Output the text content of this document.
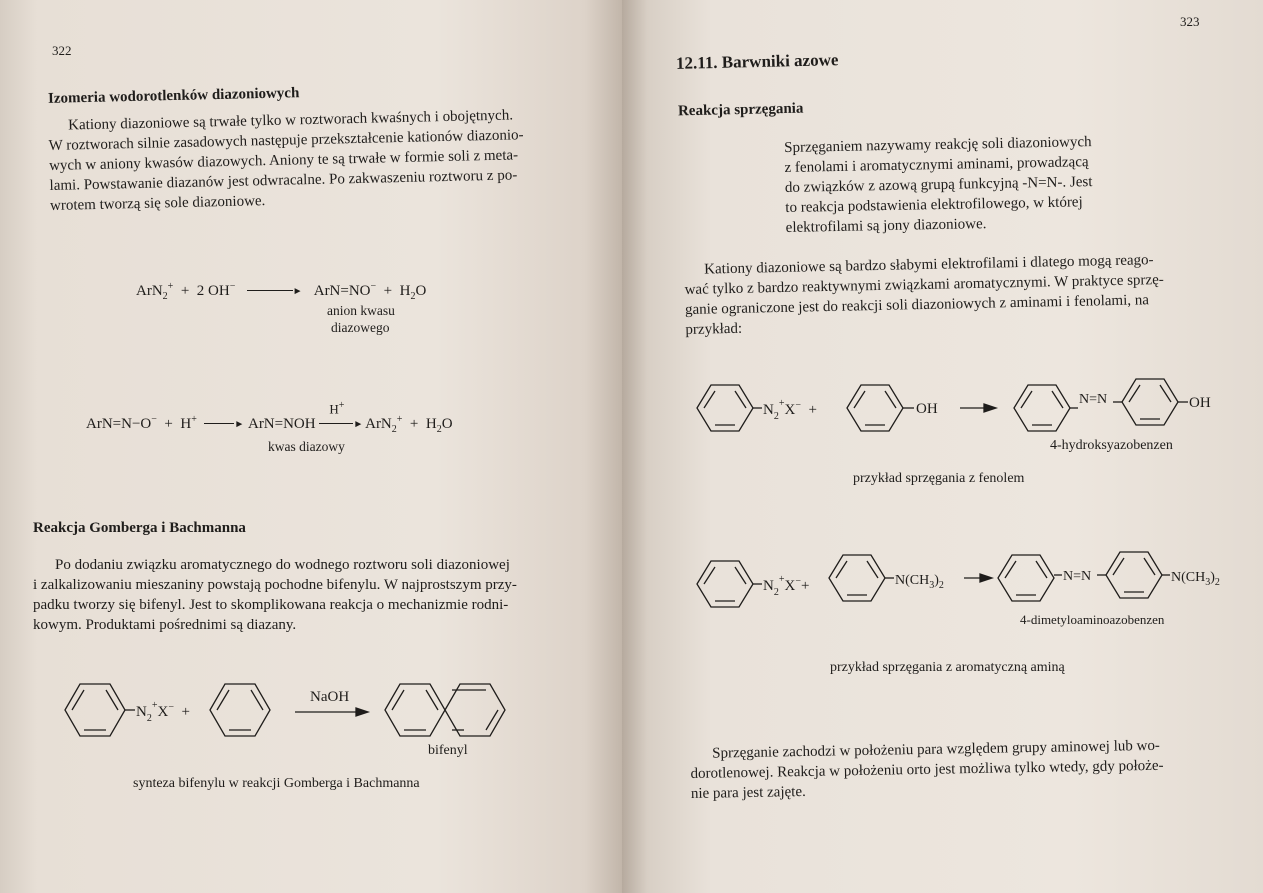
322
Izomeria wodorotlenków diazoniowych
Kationy diazoniowe są trwałe tylko w roztworach kwaśnych i obojętnych.
W roztworach silnie zasadowych następuje przekształcenie kationów diazonio-
wych w aniony kwasów diazowych. Aniony te są trwałe w formie soli z meta-
lami. Powstawanie diazanów jest odwracalne. Po zakwaszeniu roztworu z po-
wrotem tworzą się sole diazoniowe.
ArN$_2$+  +  2 OH−	►   $ArN=NO^- + H_2O$
anion kwasu
diazowego
ArN=N−O−  +  H+	► ArN=NOH
H+
► $ArN_2^+ + H_2O$
kwas diazowy
Reakcja Gomberga i Bachmanna
Po dodaniu związku aromatycznego do wodnego roztworu soli diazoniowej
i zalkalizowaniu mieszaniny powstają pochodne bifenylu. W najprostszym przy-
padku tworzy się bifenyl. Jest to skomplikowana reakcja o mechanizmie rodni-
kowym. Produktami pośrednimi są diazany.
$N_2^+X^-$  +
NaOH
bifenyl
synteza bifenylu w reakcji Gomberga i Bachmanna
323
12.11. Barwniki azowe
Reakcja sprzęgania
Sprzęganiem nazywamy reakcję soli diazoniowych
z fenolami i aromatycznymi aminami, prowadzącą
do związków z azową grupą funkcyjną -N=N-. Jest
to reakcja podstawienia elektrofilowego, w której
elektrofilami są jony diazoniowe.
Kationy diazoniowe są bardzo słabymi elektrofilami i dlatego mogą reago-
wać tylko z bardzo reaktywnymi związkami aromatycznymi. W praktyce sprzę-
ganie ograniczone jest do reakcji soli diazoniowych z aminami i fenolami, na
przykład:
$N_2^+X^-$  +	OH
N=N	OH
4-hydroksyazobenzen
przykład sprzęgania z fenolem
$N_2^+X^-+$	$N(CH_3)_2$
N=N	$N(CH_3)_2$
4-dimetyloaminoazobenzen
przykład sprzęgania z aromatyczną aminą
Sprzęganie zachodzi w położeniu para względem grupy aminowej lub wo-
dorotlenowej. Reakcja w położeniu orto jest możliwa tylko wtedy, gdy położe-
nie para jest zajęte.
